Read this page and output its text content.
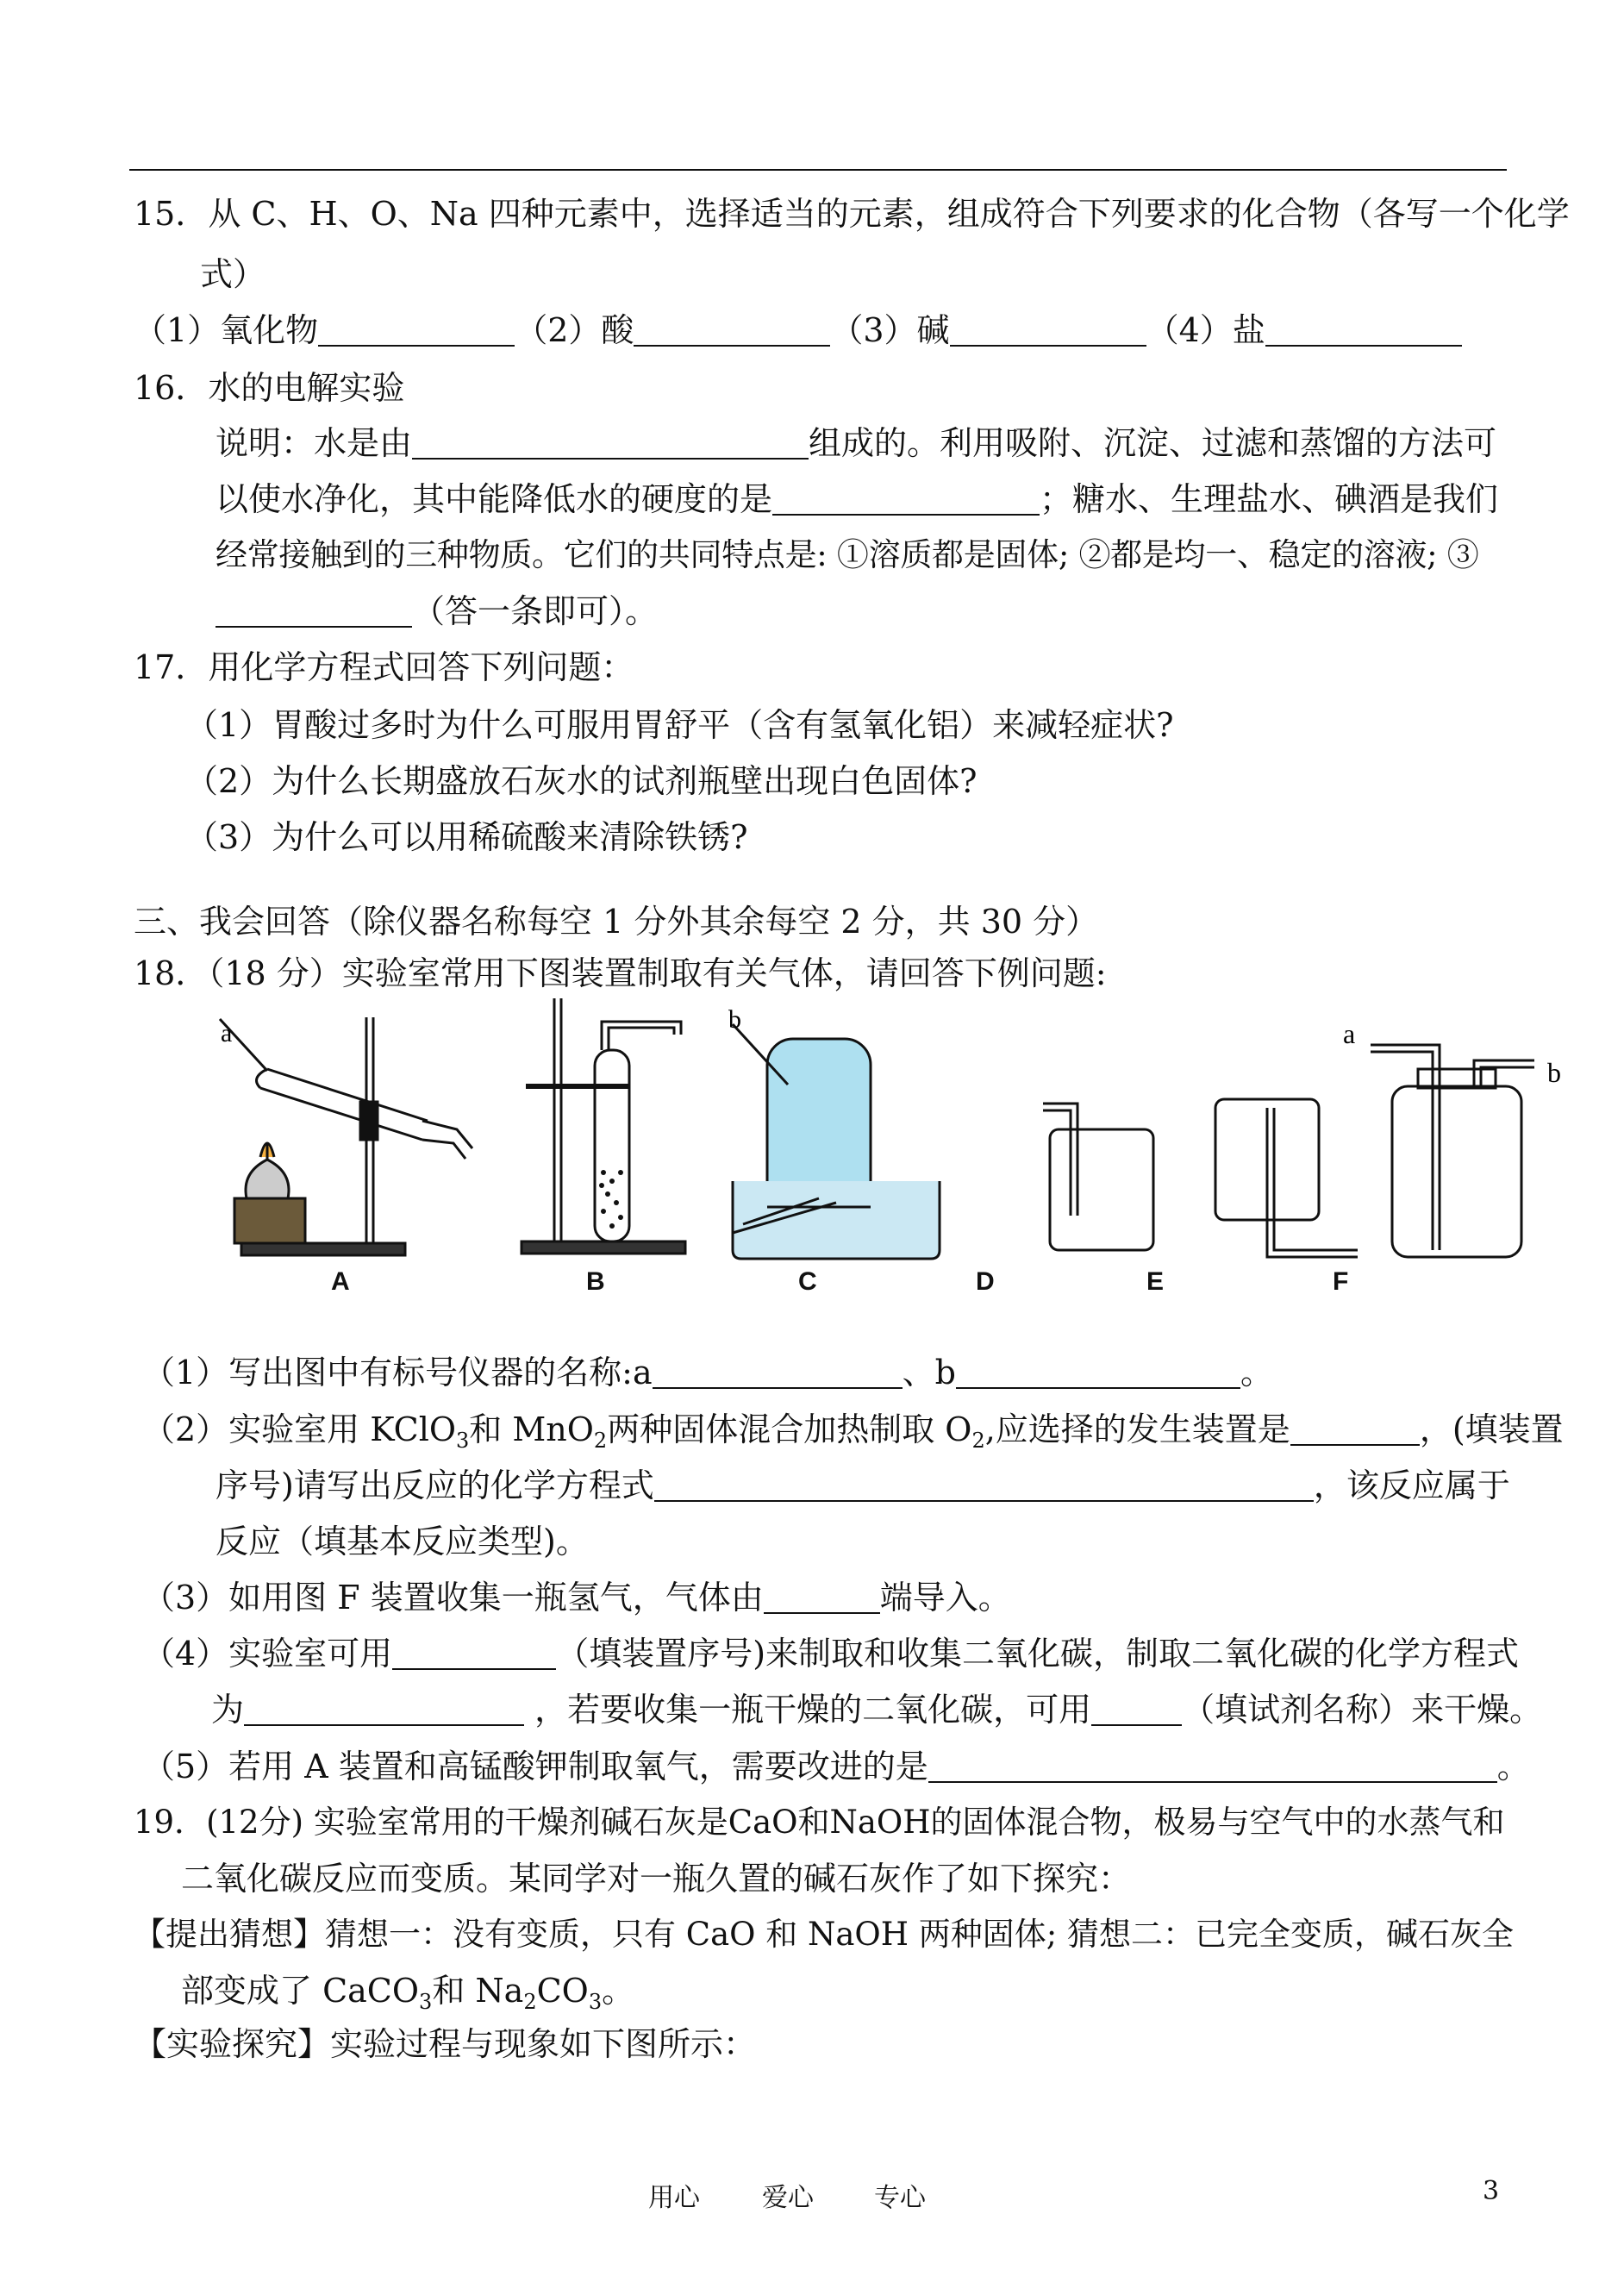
15．从 C、H、O、Na 四种元素中，选择适当的元素，组成符合下列要求的化合物（各写一个化学
式）
（1）氧化物	（2）酸	（3）碱	（4）盐
16．水的电解实验
说明：水是由	组成的。利用吸附、沉淀、过滤和蒸馏的方法可
以使水净化，其中能降低水的硬度的是	；糖水、生理盐水、碘酒是我们
经常接触到的三种物质。它们的共同特点是: ①溶质都是固体; ②都是均一、稳定的溶液; ③
（答一条即可）。
17．用化学方程式回答下列问题：
（1）胃酸过多时为什么可服用胃舒平（含有氢氧化铝）来减轻症状?
（2）为什么长期盛放石灰水的试剂瓶壁出现白色固体?
（3）为什么可以用稀硫酸来清除铁锈?
三、我会回答（除仪器名称每空 1 分外其余每空 2 分，共 30 分）
18．（18 分）实验室常用下图装置制取有关气体，请回答下例问题:
a	b	a
b
A	B	C	D	E	F
（1）写出图中有标号仪器的名称:a	、b	。
（2）实验室用 KClO$_3$和 MnO$_2$两种固体混合加热制取 $O_2$,应选择的发生装置是	，(填装置
序号)请写出反应的化学方程式	，该反应属于
反应（填基本反应类型)。
（3）如用图 F 装置收集一瓶氢气，气体由	端导入。
（4）实验室可用	（填装置序号)来制取和收集二氧化碳，制取二氧化碳的化学方程式
为	，若要收集一瓶干燥的二氧化碳，可用	（填试剂名称）来干燥。
（5）若用 A 装置和高锰酸钾制取氧气，需要改进的是	。
19．(12分) 实验室常用的干燥剂碱石灰是CaO和NaOH的固体混合物，极易与空气中的水蒸气和
二氧化碳反应而变质。某同学对一瓶久置的碱石灰作了如下探究：
【提出猜想】猜想一：没有变质，只有 CaO 和 NaOH 两种固体; 猜想二：已完全变质，碱石灰全
部变成了 CaCO$_3$和 $Na_2CO_3$。
【实验探究】实验过程与现象如下图所示：
用心 爱心 专心	3
